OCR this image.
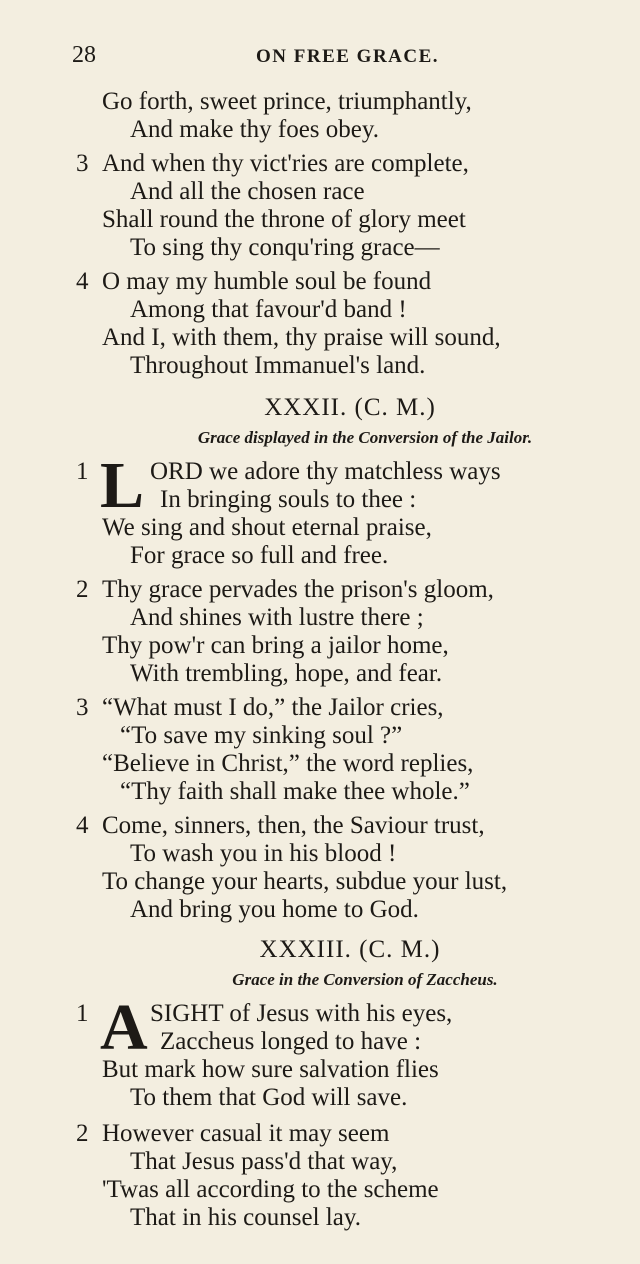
28	ON FREE GRACE.
Go forth, sweet prince, triumphantly,
And make thy foes obey.
3 And when thy vict'ries are complete,
And all the chosen race
Shall round the throne of glory meet
To sing thy conqu'ring grace—
4 O may my humble soul be found
Among that favour'd band !
And I, with them, thy praise will sound,
Throughout Immanuel's land.
XXXII. (C. M.)
Grace displayed in the Conversion of the Jailor.
1 L ORD we adore thy matchless ways
In bringing souls to thee :
We sing and shout eternal praise,
For grace so full and free.
2 Thy grace pervades the prison's gloom,
And shines with lustre there ;
Thy pow'r can bring a jailor home,
With trembling, hope, and fear.
3 “What must I do,” the Jailor cries,
“To save my sinking soul ?”
“Believe in Christ,” the word replies,
“Thy faith shall make thee whole.”
4 Come, sinners, then, the Saviour trust,
To wash you in his blood !
To change your hearts, subdue your lust,
And bring you home to God.
XXXIII. (C. M.)
Grace in the Conversion of Zaccheus.
1 A SIGHT of Jesus with his eyes,
Zaccheus longed to have :
But mark how sure salvation flies
To them that God will save.
2 However casual it may seem
That Jesus pass'd that way,
'Twas all according to the scheme
That in his counsel lay.
